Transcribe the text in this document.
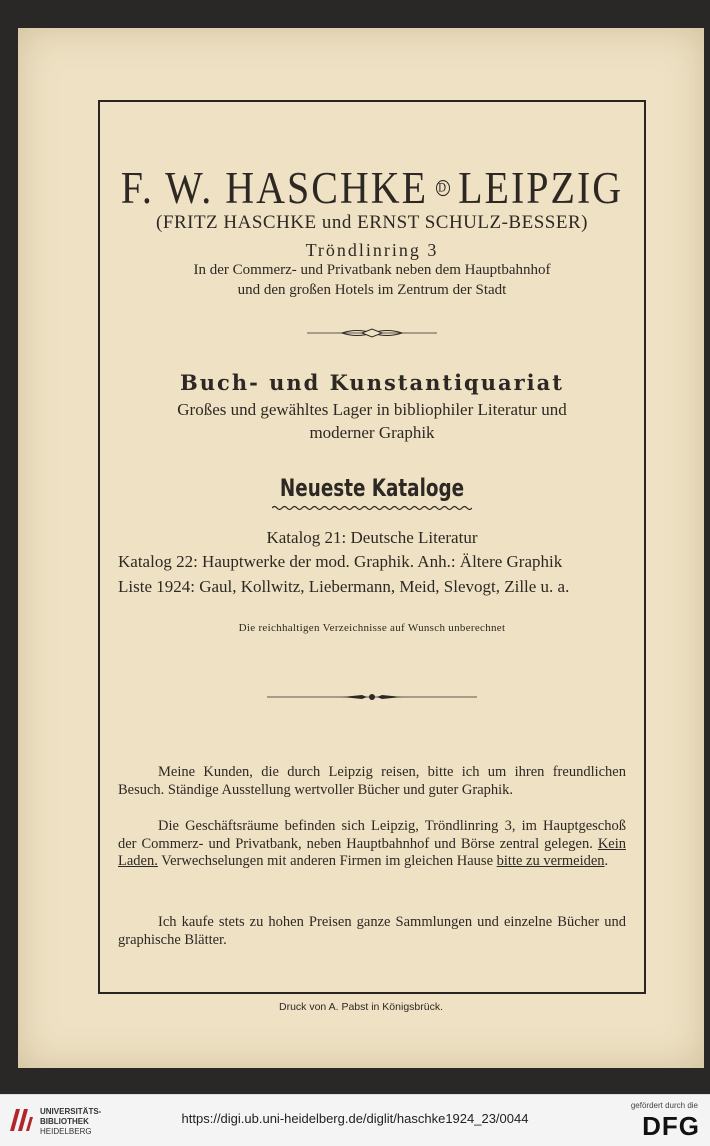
F. W. HASCHKE D LEIPZIG
(FRITZ HASCHKE und ERNST SCHULZ-BESSER)
Tröndlinring 3
In der Commerz- und Privatbank neben dem Hauptbahnhof
und den großen Hotels im Zentrum der Stadt
Buch- und Kunstantiquariat
Großes und gewähltes Lager in bibliophiler Literatur und
moderner Graphik
Neueste Kataloge
Katalog 21: Deutsche Literatur
Katalog 22: Hauptwerke der mod. Graphik. Anh.: Ältere Graphik
Liste 1924: Gaul, Kollwitz, Liebermann, Meid, Slevogt, Zille u. a.
Die reichhaltigen Verzeichnisse auf Wunsch unberechnet
Meine Kunden, die durch Leipzig reisen, bitte ich um ihren freundlichen Besuch. Ständige Ausstellung wertvoller Bücher und guter Graphik.
Die Geschäftsräume befinden sich Leipzig, Tröndlinring 3, im Hauptgeschoß der Commerz- und Privatbank, neben Hauptbahnhof und Börse zentral gelegen. Kein Laden. Verwechselungen mit anderen Firmen im gleichen Hause bitte zu vermeiden.
Ich kaufe stets zu hohen Preisen ganze Sammlungen und einzelne Bücher und graphische Blätter.
Druck von A. Pabst in Königsbrück.
UNIVERSITÄTS-
BIBLIOTHEK
HEIDELBERG
https://digi.ub.uni-heidelberg.de/diglit/haschke1924_23/0044
gefördert durch die
DFG
